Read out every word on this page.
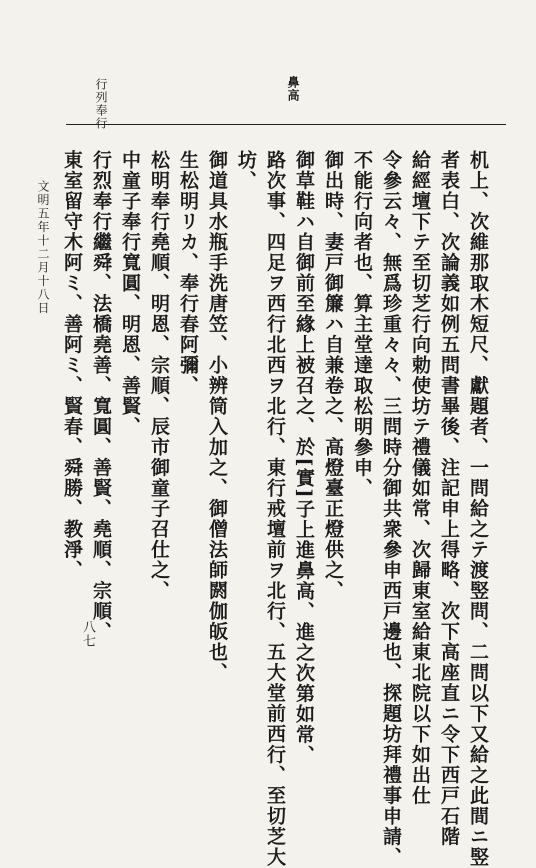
行列奉行	鼻高
机上、次維那取木短尺、獻題者、一問給之テ渡竪問、二問以下又給之此間ニ竪
者表白、次論義如例五問書畢後、注記申上得略、次下高座直ニ令下西戸石階
給經壇下テ至切芝行向勅使坊テ禮儀如常、次歸東室給東北院以下如出仕
令參云々、無爲珍重々々、三問時分御共衆參申西戸邊也、探題坊拜禮事申請、
不能行向者也、算主堂達取松明參申、
御出時、妻戸御簾ハ自兼卷之、高燈臺正燈供之、
御草鞋ハ自御前至緣上被召之、於[實]子上進鼻高、進之次第如常、
路次事、四足ヲ西行北西ヲ北行、東行戒壇前ヲ北行、五大堂前西行、至切芝大
坊、
御道具水瓶手洗唐笠、小辨筒入加之、御僧法師閼伽皈也、
生松明リカ、奉行春阿彌、
松明奉行堯順、明恩、宗順、辰市御童子召仕之、
中童子奉行寬圓、明恩、善賢、
行烈奉行繼舜、法橋堯善、寬圓、善賢、堯順、宗順、
東室留守木阿ミ、善阿ミ、賢春、舜勝、教淨、
文明五年十二月十八日
八七
